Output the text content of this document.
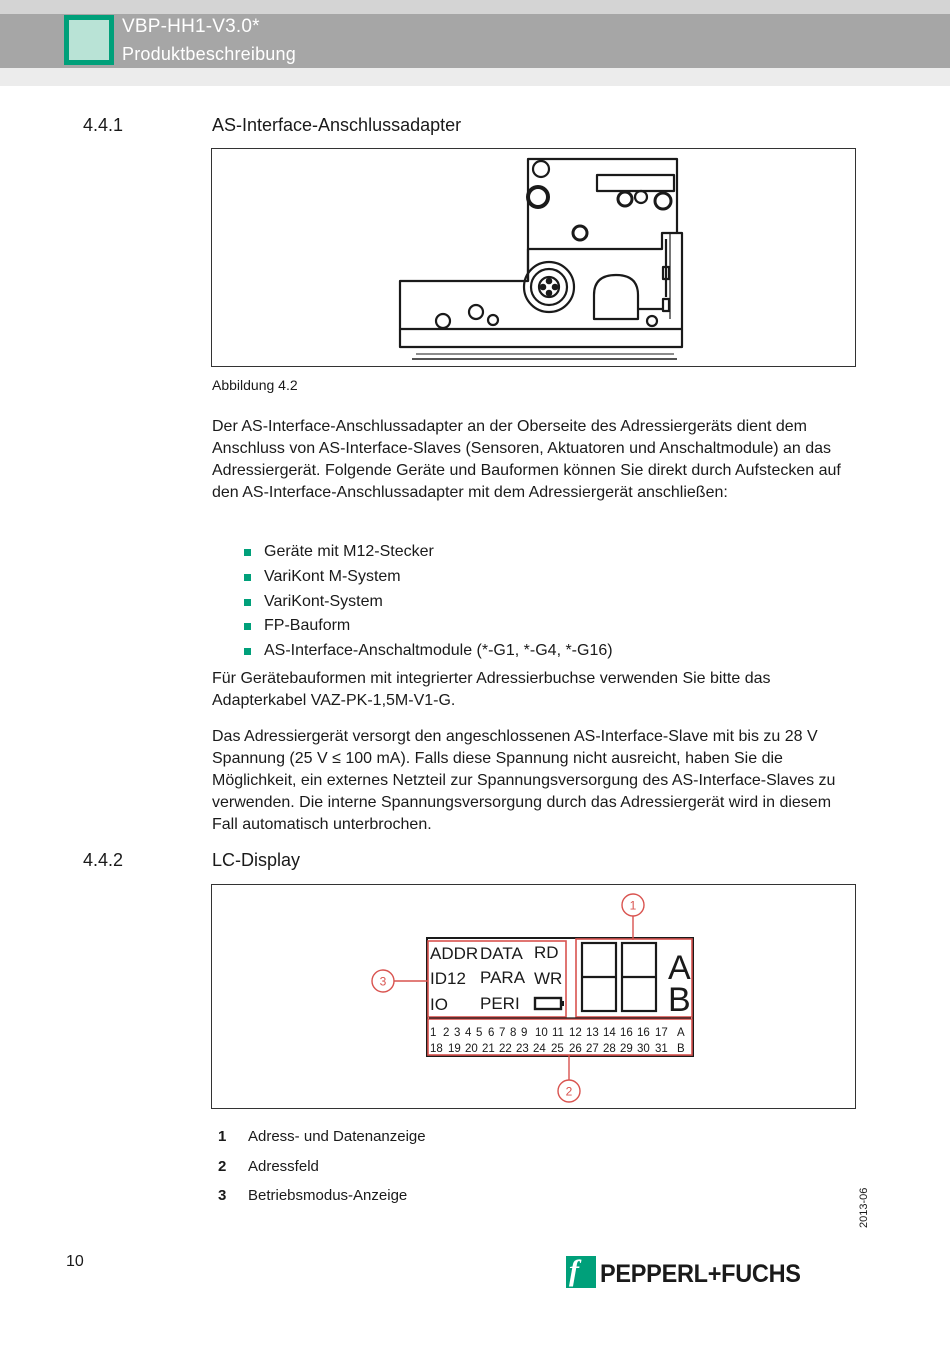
VBP-HH1-V3.0*
Produktbeschreibung
4.4.1	AS-Interface-Anschlussadapter
Abbildung 4.2

Der AS-Interface-Anschlussadapter an der Oberseite des Adressiergeräts dient dem Anschluss von AS-Interface-Slaves (Sensoren, Aktuatoren und Anschaltmodule) an das Adressiergerät. Folgende Geräte und Bauformen können Sie direkt durch Aufstecken auf den AS-Interface-Anschlussadapter mit dem Adressiergerät anschließen:

Geräte mit M12-Stecker
VariKont M-System
VariKont-System
FP-Bauform
AS-Interface-Anschaltmodule (*-G1, *-G4, *-G16)

Für Gerätebauformen mit integrierter Adressierbuchse verwenden Sie bitte das Adapterkabel VAZ-PK-1,5M-V1-G.

Das Adressiergerät versorgt den angeschlossenen AS-Interface-Slave mit bis zu 28 V Spannung (25 V ≤ 100 mA). Falls diese Spannung nicht ausreicht, haben Sie die Möglichkeit, ein externes Netzteil zur Spannungsversorgung des AS-Interface-Slaves zu verwenden. Die interne Spannungsversorgung durch das Adressiergerät wird in diesem Fall automatisch unterbrochen.

4.4.2	LC-Display
ADDR DATA RD
ID12 PARA WR
IO PERI
A
B
1 2 3 4 5 6 7 8 9 10 11 12 13 14 16 16 17 A
18 19 20 21 22 23 24 25 26 27 28 29 30 31 B
1
2
3
1 Adress- und Datenanzeige
2 Adressfeld
3 Betriebsmodus-Anzeige	2013-06
10	f PEPPERL+FUCHS
